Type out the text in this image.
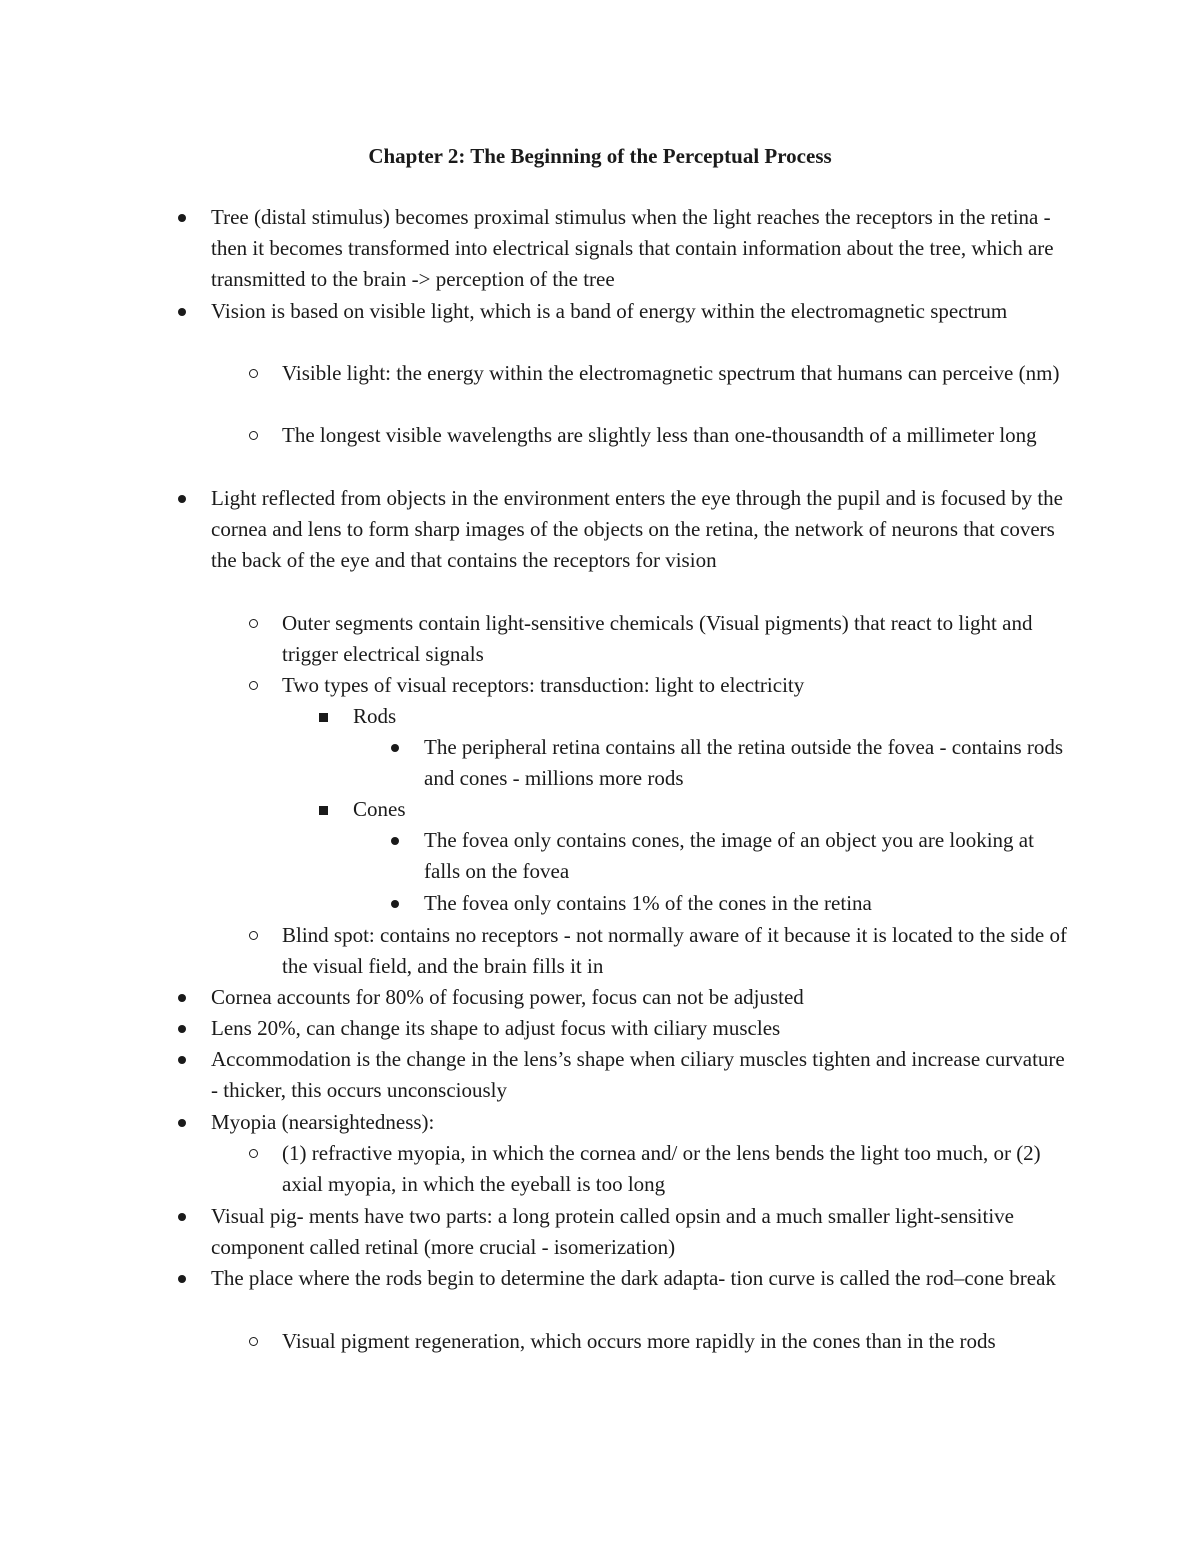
Chapter 2: The Beginning of the Perceptual Process
Tree (distal stimulus) becomes proximal stimulus when the light reaches the receptors in the retina - then it becomes transformed into electrical signals that contain information about the tree, which are transmitted to the brain -> perception of the tree
Vision is based on visible light, which is a band of energy within the electromagnetic spectrum
Visible light: the energy within the electromagnetic spectrum that humans can perceive (nm)
The longest visible wavelengths are slightly less than one-thousandth of a millimeter long
Light reflected from objects in the environment enters the eye through the pupil and is focused by the cornea and lens to form sharp images of the objects on the retina, the network of neurons that covers the back of the eye and that contains the receptors for vision
Outer segments contain light-sensitive chemicals (Visual pigments) that react to light and trigger electrical signals
Two types of visual receptors: transduction: light to electricity
Rods
The peripheral retina contains all the retina outside the fovea - contains rods and cones - millions more rods
Cones
The fovea only contains cones, the image of an object you are looking at falls on the fovea
The fovea only contains 1% of the cones in the retina
Blind spot: contains no receptors - not normally aware of it because it is located to the side of the visual field, and the brain fills it in
Cornea accounts for 80% of focusing power, focus can not be adjusted
Lens 20%, can change its shape to adjust focus with ciliary muscles
Accommodation is the change in the lens’s shape when ciliary muscles tighten and increase curvature - thicker, this occurs unconsciously
Myopia (nearsightedness):
(1) refractive myopia, in which the cornea and/ or the lens bends the light too much, or (2) axial myopia, in which the eyeball is too long
Visual pig- ments have two parts: a long protein called opsin and a much smaller light-sensitive component called retinal (more crucial - isomerization)
The place where the rods begin to determine the dark adapta- tion curve is called the rod–cone break
Visual pigment regeneration, which occurs more rapidly in the cones than in the rods
